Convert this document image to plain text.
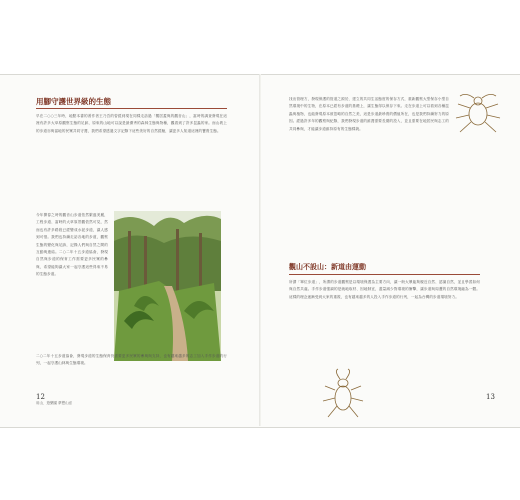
用腳守護世界級的生態

早在二○○三年時，地點本書的著作者王乃吾的曾經到現在同樣走訪過「獨居蓋與的觀音山」，當時的調查發現在這裡有許多大草原觀察生態的足跡，原來的山地可以說是最優秀的森林生態與物種，觀看到了許多昆蟲的家。而山坡上的步道亦與當地的民眾共同守護，我們希望透過文字記錄下這些美好的自然經驗，讓更多人知道這裡的寶貴生態。

今年開春之時的觀音山步道依然繁盛美麗，工程步道、當時的大草原景觀依然可見，然而也有許多路段已經變成水泥步道，讓人感到可惜。我們也持續走訪各地的步道，觀察生態的變化與足跡，記錄人們與自然之間的互動與連結。二○二年十五步道協會，發現自然與步道的保育工作需要更多民眾的參與，希望能夠讓大家一起守護這些得來不易的生態步道。

二○二年十五步道協會，發現步道的生態保育仍需要更多民眾的參與與支持，也有越來越多的志工加入手作步道的行列，一起守護山林與生態環境。

12
用山．遊樂園 夢想山徑

找出管理方，發現保護的管道之源於，建立的共同生活態度的保存方式，重新觀察大型保存小型自然環境中的生物，在原本已經有步道的基礎上，讓生態得以保存下來。走在步道上可以看到各種昆蟲與植物，也能發現原本被忽略的自然之美，這是步道最珍貴的價值所在，也是我們持續努力的原因。經過許多年的觀察與紀錄，我們發現步道的維護需要長期的投入，並且需要在地居民與志工的共同參與，才能讓步道維持原有的生態樣貌。

觀山不設山：新道由運動

所謂「單位步道」，所謂的步道觀察是以環境保護為主要方向，讓一般大眾能夠親近自然、認識自然，並且學習如何與自然共處。手作步道強調的是就地取材、因地制宜，盡量減少對環境的衝擊，讓步道與周遭的自然環境融為一體。這樣的理念逐漸受到大家的重視，也有越來越多的人投入手作步道的行列，一起為台灣的步道環境努力。

13
